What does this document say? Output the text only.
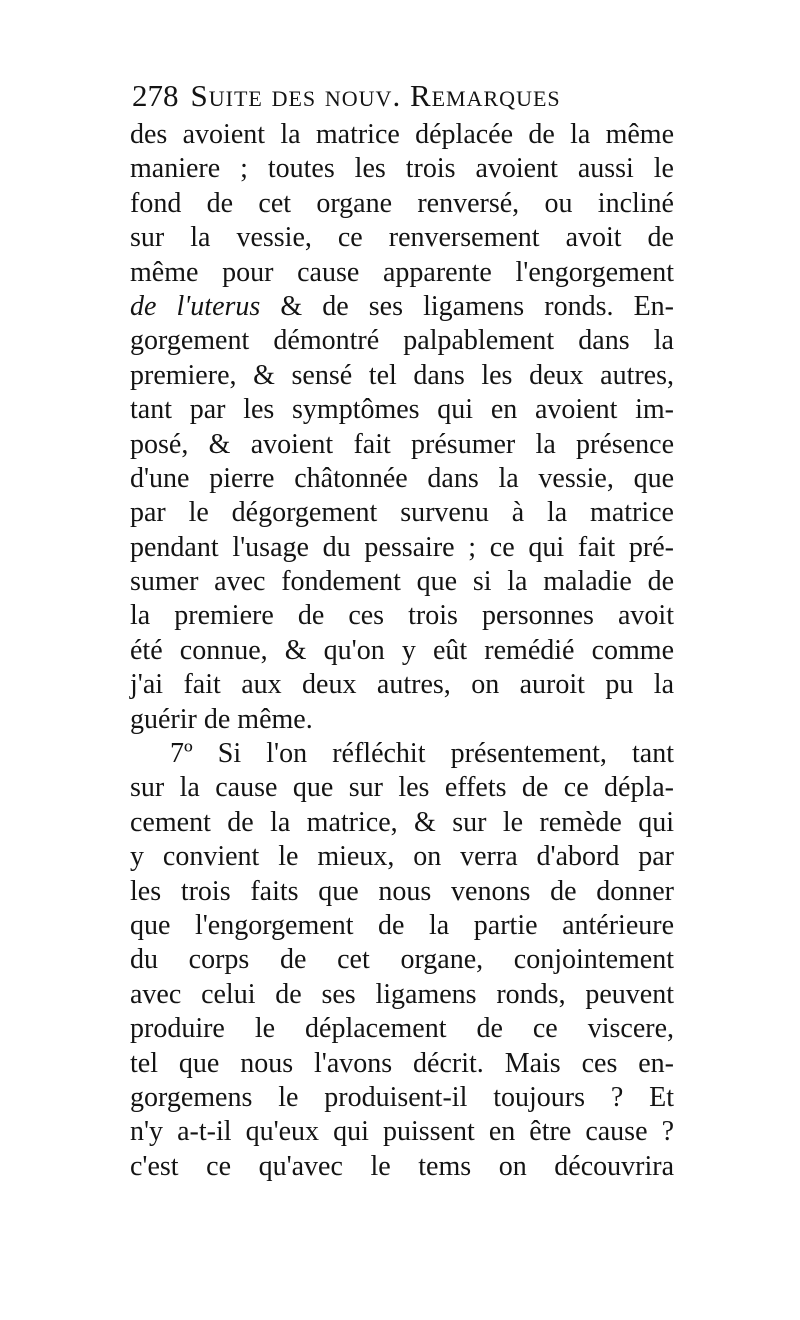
278 Suite des nouv. Remarques
des avoient la matrice déplacée de la même
maniere ; toutes les trois avoient aussi le
fond de cet organe renversé, ou incliné
sur la vessie, ce renversement avoit de
même pour cause apparente l'engorgement
de l'uterus & de ses ligamens ronds. En-
gorgement démontré palpablement dans la
premiere, & sensé tel dans les deux autres,
tant par les symptômes qui en avoient im-
posé, & avoient fait présumer la présence
d'une pierre châtonnée dans la vessie, que
par le dégorgement survenu à la matrice
pendant l'usage du pessaire ; ce qui fait pré-
sumer avec fondement que si la maladie de
la premiere de ces trois personnes avoit
été connue, & qu'on y eût remédié comme
j'ai fait aux deux autres, on auroit pu la
guérir de même.
7º Si l'on réfléchit présentement, tant
sur la cause que sur les effets de ce dépla-
cement de la matrice, & sur le remède qui
y convient le mieux, on verra d'abord par
les trois faits que nous venons de donner
que l'engorgement de la partie antérieure
du corps de cet organe, conjointement
avec celui de ses ligamens ronds, peuvent
produire le déplacement de ce viscere,
tel que nous l'avons décrit. Mais ces en-
gorgemens le produisent-il toujours ? Et
n'y a-t-il qu'eux qui puissent en être cause ?
c'est ce qu'avec le tems on découvrira
